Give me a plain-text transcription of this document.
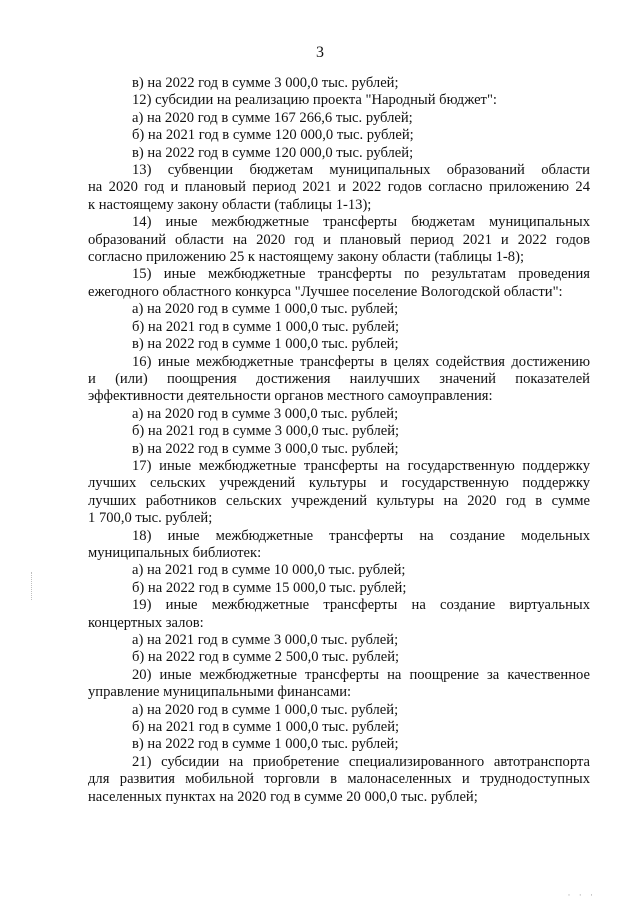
3

в) на 2022 год в сумме 3 000,0 тыс. рублей;

12) субсидии на реализацию проекта "Народный бюджет":

а) на 2020 год в сумме 167 266,6 тыс. рублей;

б) на 2021 год в сумме 120 000,0 тыс. рублей;

в) на 2022 год в сумме 120 000,0 тыс. рублей;

13) субвенции бюджетам муниципальных образований области

на 2020 год и плановый период 2021 и 2022 годов согласно приложению 24

к настоящему закону области (таблицы 1-13);

14) иные межбюджетные трансферты бюджетам муниципальных

образований области на 2020 год и плановый период 2021 и 2022 годов

согласно приложению 25 к настоящему закону области (таблицы 1-8);

15) иные межбюджетные трансферты по результатам проведения

ежегодного областного конкурса "Лучшее поселение Вологодской области":

а) на 2020 год в сумме 1 000,0 тыс. рублей;

б) на 2021 год в сумме 1 000,0 тыс. рублей;

в) на 2022 год в сумме 1 000,0 тыс. рублей;

16) иные межбюджетные трансферты в целях содействия достижению

и (или) поощрения достижения наилучших значений показателей

эффективности деятельности органов местного самоуправления:

а) на 2020 год в сумме 3 000,0 тыс. рублей;

б) на 2021 год в сумме 3 000,0 тыс. рублей;

в) на 2022 год в сумме 3 000,0 тыс. рублей;

17) иные межбюджетные трансферты на государственную поддержку

лучших сельских учреждений культуры и государственную поддержку

лучших работников сельских учреждений культуры на 2020 год в сумме

1 700,0 тыс. рублей;

18) иные межбюджетные трансферты на создание модельных

муниципальных библиотек:

а) на 2021 год в сумме 10 000,0 тыс. рублей;

б) на 2022 год в сумме 15 000,0 тыс. рублей;

19) иные межбюджетные трансферты на создание виртуальных

концертных залов:

а) на 2021 год в сумме 3 000,0 тыс. рублей;

б) на 2022 год в сумме 2 500,0 тыс. рублей;

20) иные межбюджетные трансферты на поощрение за качественное

управление муниципальными финансами:

а) на 2020 год в сумме 1 000,0 тыс. рублей;

б) на 2021 год в сумме 1 000,0 тыс. рублей;

в) на 2022 год в сумме 1 000,0 тыс. рублей;

21) субсидии на приобретение специализированного автотранспорта

для развития мобильной торговли в малонаселенных и труднодоступных

населенных пунктах на 2020 год в сумме 20 000,0 тыс. рублей;

· · ·
